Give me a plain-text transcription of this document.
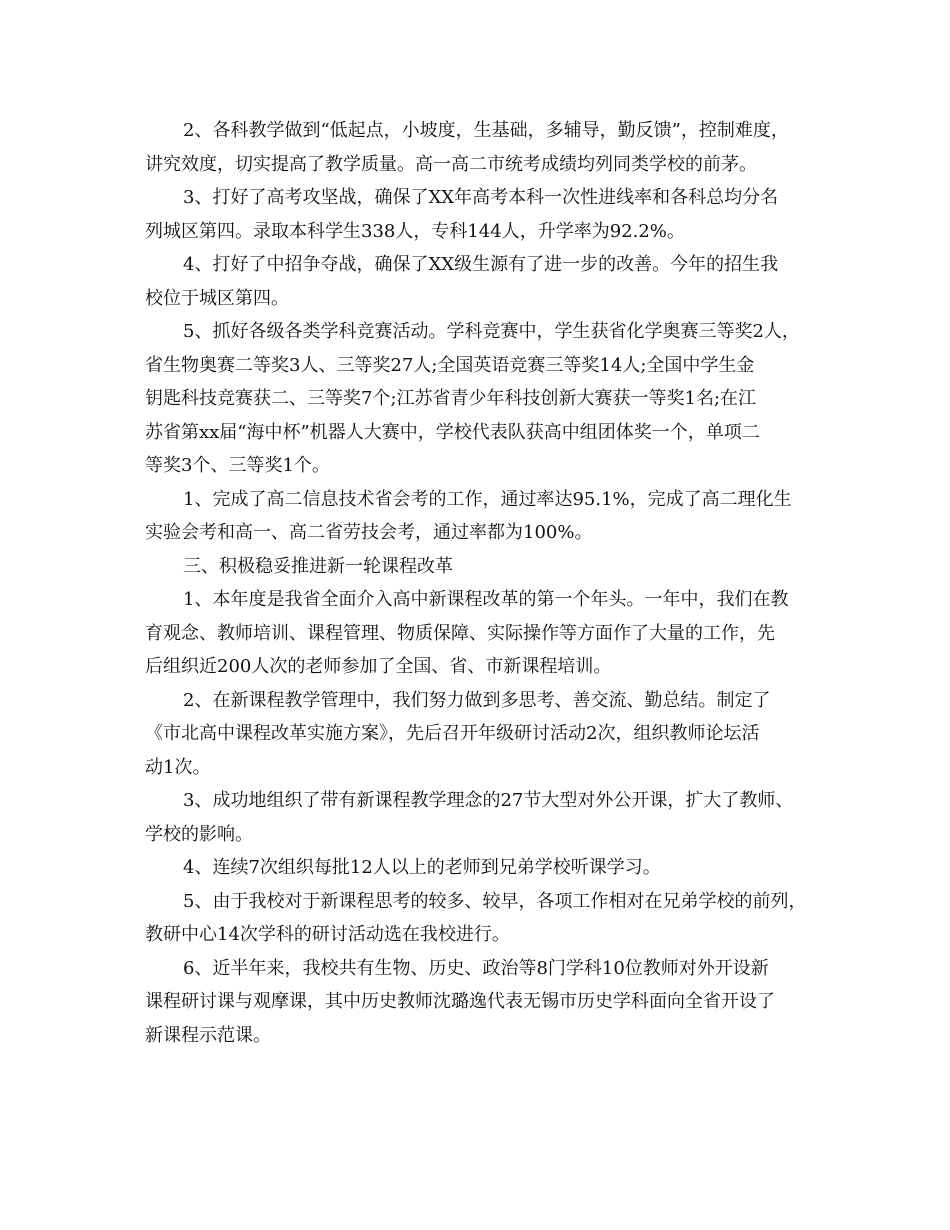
2、各科教学做到“低起点，小坡度，生基础，多辅导，勤反馈”，控制难度，
讲究效度，切实提高了教学质量。高一高二市统考成绩均列同类学校的前茅。

3、打好了高考攻坚战，确保了XX年高考本科一次性进线率和各科总均分名
列城区第四。录取本科学生338人，专科144人，升学率为92.2%。

4、打好了中招争夺战，确保了XX级生源有了进一步的改善。今年的招生我
校位于城区第四。

5、抓好各级各类学科竞赛活动。学科竞赛中，学生获省化学奥赛三等奖2人，
省生物奥赛二等奖3人、三等奖27人;全国英语竞赛三等奖14人;全国中学生金
钥匙科技竞赛获二、三等奖7个;江苏省青少年科技创新大赛获一等奖1名;在江
苏省第xx届“海中杯”机器人大赛中，学校代表队获高中组团体奖一个，单项二
等奖3个、三等奖1个。

1、完成了高二信息技术省会考的工作，通过率达95.1%，完成了高二理化生
实验会考和高一、高二省劳技会考，通过率都为100%。

三、积极稳妥推进新一轮课程改革

1、本年度是我省全面介入高中新课程改革的第一个年头。一年中，我们在教
育观念、教师培训、课程管理、物质保障、实际操作等方面作了大量的工作，先
后组织近200人次的老师参加了全国、省、市新课程培训。

2、在新课程教学管理中，我们努力做到多思考、善交流、勤总结。制定了
《市北高中课程改革实施方案》，先后召开年级研讨活动2次，组织教师论坛活
动1次。

3、成功地组织了带有新课程教学理念的27节大型对外公开课，扩大了教师、
学校的影响。

4、连续7次组织每批12人以上的老师到兄弟学校听课学习。

5、由于我校对于新课程思考的较多、较早，各项工作相对在兄弟学校的前列，
教研中心14次学科的研讨活动选在我校进行。

6、近半年来，我校共有生物、历史、政治等8门学科10位教师对外开设新
课程研讨课与观摩课，其中历史教师沈璐逸代表无锡市历史学科面向全省开设了
新课程示范课。
